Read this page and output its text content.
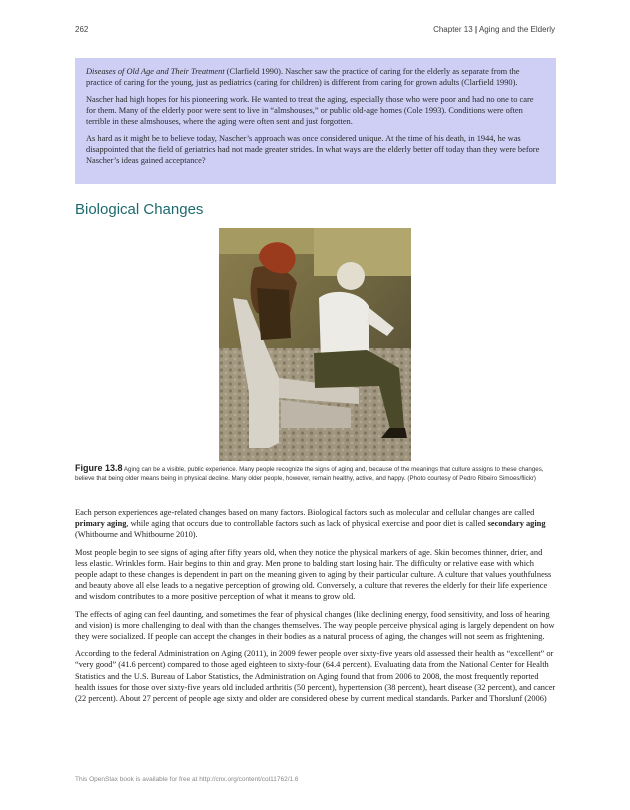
262	Chapter 13 | Aging and the Elderly

Diseases of Old Age and Their Treatment (Clarfield 1990). Nascher saw the practice of caring for the elderly as separate from the practice of caring for the young, just as pediatrics (caring for children) is different from caring for grown adults (Clarfield 1990).

Nascher had high hopes for his pioneering work. He wanted to treat the aging, especially those who were poor and had no one to care for them. Many of the elderly poor were sent to live in “almshouses,” or public old-age homes (Cole 1993). Conditions were often terrible in these almshouses, where the aging were often sent and just forgotten.

As hard as it might be to believe today, Nascher’s approach was once considered unique. At the time of his death, in 1944, he was disappointed that the field of geriatrics had not made greater strides. In what ways are the elderly better off today than they were before Nascher’s ideas gained acceptance?

Biological Changes
Figure 13.8 Aging can be a visible, public experience. Many people recognize the signs of aging and, because of the meanings that culture assigns to these changes, believe that being older means being in physical decline. Many older people, however, remain healthy, active, and happy. (Photo courtesy of Pedro Ribeiro Simoes/flickr)

Each person experiences age-related changes based on many factors. Biological factors such as molecular and cellular changes are called primary aging, while aging that occurs due to controllable factors such as lack of physical exercise and poor diet is called secondary aging (Whitbourne and Whitbourne 2010).

Most people begin to see signs of aging after fifty years old, when they notice the physical markers of age. Skin becomes thinner, drier, and less elastic. Wrinkles form. Hair begins to thin and gray. Men prone to balding start losing hair. The difficulty or relative ease with which people adapt to these changes is dependent in part on the meaning given to aging by their particular culture. A culture that values youthfulness and beauty above all else leads to a negative perception of growing old. Conversely, a culture that reveres the elderly for their life experience and wisdom contributes to a more positive perception of what it means to grow old.

The effects of aging can feel daunting, and sometimes the fear of physical changes (like declining energy, food sensitivity, and loss of hearing and vision) is more challenging to deal with than the changes themselves. The way people perceive physical aging is largely dependent on how they were socialized. If people can accept the changes in their bodies as a natural process of aging, the changes will not seem as frightening.

According to the federal Administration on Aging (2011), in 2009 fewer people over sixty-five years old assessed their health as “excellent” or “very good” (41.6 percent) compared to those aged eighteen to sixty-four (64.4 percent). Evaluating data from the National Center for Health Statistics and the U.S. Bureau of Labor Statistics, the Administration on Aging found that from 2006 to 2008, the most frequently reported health issues for those over sixty-five years old included arthritis (50 percent), hypertension (38 percent), heart disease (32 percent), and cancer (22 percent). About 27 percent of people age sixty and older are considered obese by current medical standards. Parker and Thorslunf (2006)

This OpenStax book is available for free at http://cnx.org/content/col11762/1.6
